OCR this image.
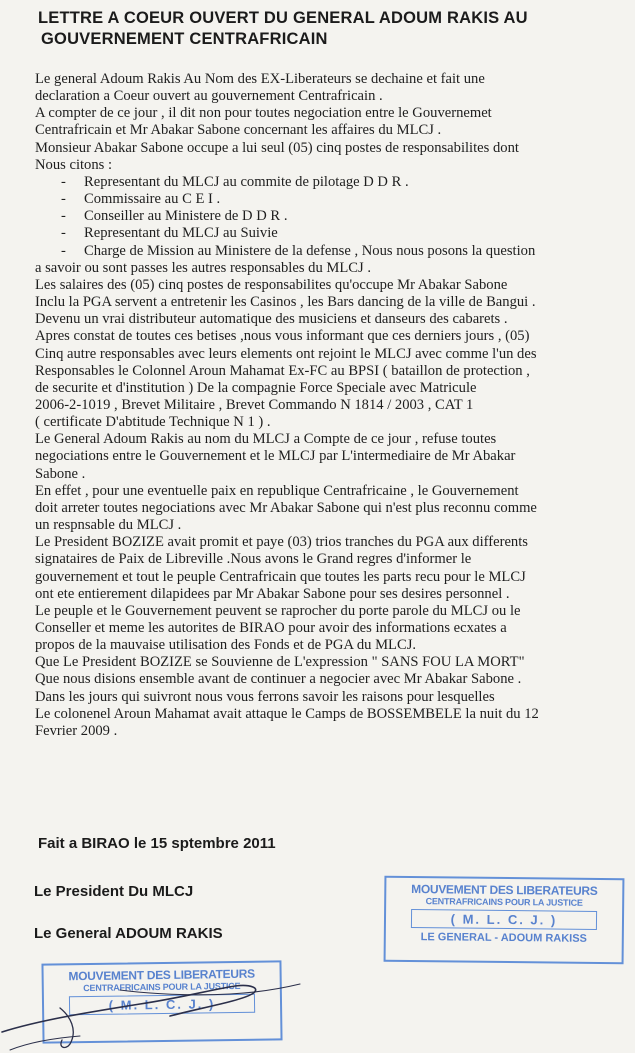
LETTRE A COEUR OUVERT DU GENERAL ADOUM RAKIS AU
GOUVERNEMENT CENTRAFRICAIN
Le general Adoum Rakis Au Nom des EX-Liberateurs se dechaine et fait une
declaration a Coeur ouvert au gouvernement Centrafricain .
A compter de ce jour , il dit non pour toutes negociation entre le Gouvernemet
Centrafricain et Mr Abakar Sabone concernant les affaires du MLCJ .
Monsieur Abakar Sabone occupe a lui seul (05) cinq postes de responsabilites dont
Nous citons :
- Representant du MLCJ au commite de pilotage D D R .
- Commissaire au C E I .
- Conseiller au Ministere de D D R .
- Representant du MLCJ au Suivie
- Charge de Mission au Ministere de la defense , Nous nous posons la question
a savoir ou sont passes les autres responsables du MLCJ .
Les salaires des (05) cinq postes de responsabilites qu'occupe Mr Abakar Sabone
Inclu la PGA servent a entretenir les Casinos , les Bars dancing de la ville de Bangui .
Devenu un vrai distributeur automatique des musiciens et danseurs des cabarets .
Apres constat de toutes ces betises ,nous vous informant que ces derniers jours , (05)
Cinq autre responsables avec leurs elements ont rejoint le MLCJ avec comme l'un des
Responsables le Colonnel Aroun Mahamat Ex-FC au BPSI ( bataillon de protection ,
de securite et d'institution ) De la compagnie Force Speciale avec Matricule
2006-2-1019 , Brevet Militaire , Brevet Commando N 1814 / 2003 , CAT 1
( certificate D'abtitude Technique N 1 ) .
Le General Adoum Rakis au nom du MLCJ a Compte de ce jour , refuse toutes
negociations entre le Gouvernement et le MLCJ par L'intermediaire de Mr Abakar
Sabone .
En effet , pour une eventuelle paix en republique Centrafricaine , le Gouvernement
doit arreter toutes negociations avec Mr Abakar Sabone qui n'est plus reconnu comme
un respnsable du MLCJ .
Le President BOZIZE avait promit et paye (03) trios tranches du PGA aux differents
signataires de Paix de Libreville .Nous avons le Grand regres d'informer le
gouvernement et tout le peuple Centrafricain que toutes les parts recu pour le MLCJ
ont ete entierement dilapidees par Mr Abakar Sabone pour ses desires personnel .
Le peuple et le Gouvernement peuvent se raprocher du porte parole du MLCJ ou le
Conseller et meme les autorites de BIRAO pour avoir des informations ecxates a
propos de la mauvaise utilisation des Fonds et de PGA du MLCJ.
Que Le President BOZIZE se Souvienne de L'expression " SANS FOU LA MORT"
Que nous disions ensemble avant de continuer a negocier avec Mr Abakar Sabone .
Dans les jours qui suivront nous vous ferrons savoir les raisons pour lesquelles
Le colonenel Aroun Mahamat avait attaque le Camps de BOSSEMBELE la nuit du 12
Fevrier 2009 .
Fait a BIRAO le 15 sptembre 2011
Le President Du MLCJ
Le General ADOUM RAKIS
MOUVEMENT DES LIBERATEURS
CENTRAFRICAINS POUR LA JUSTICE
( M. L. C. J. )
LE GENERAL - ADOUM RAKISS
MOUVEMENT DES LIBERATEURS
CENTRAFRICAINS POUR LA JUSTICE
( M. L. C. J. )
